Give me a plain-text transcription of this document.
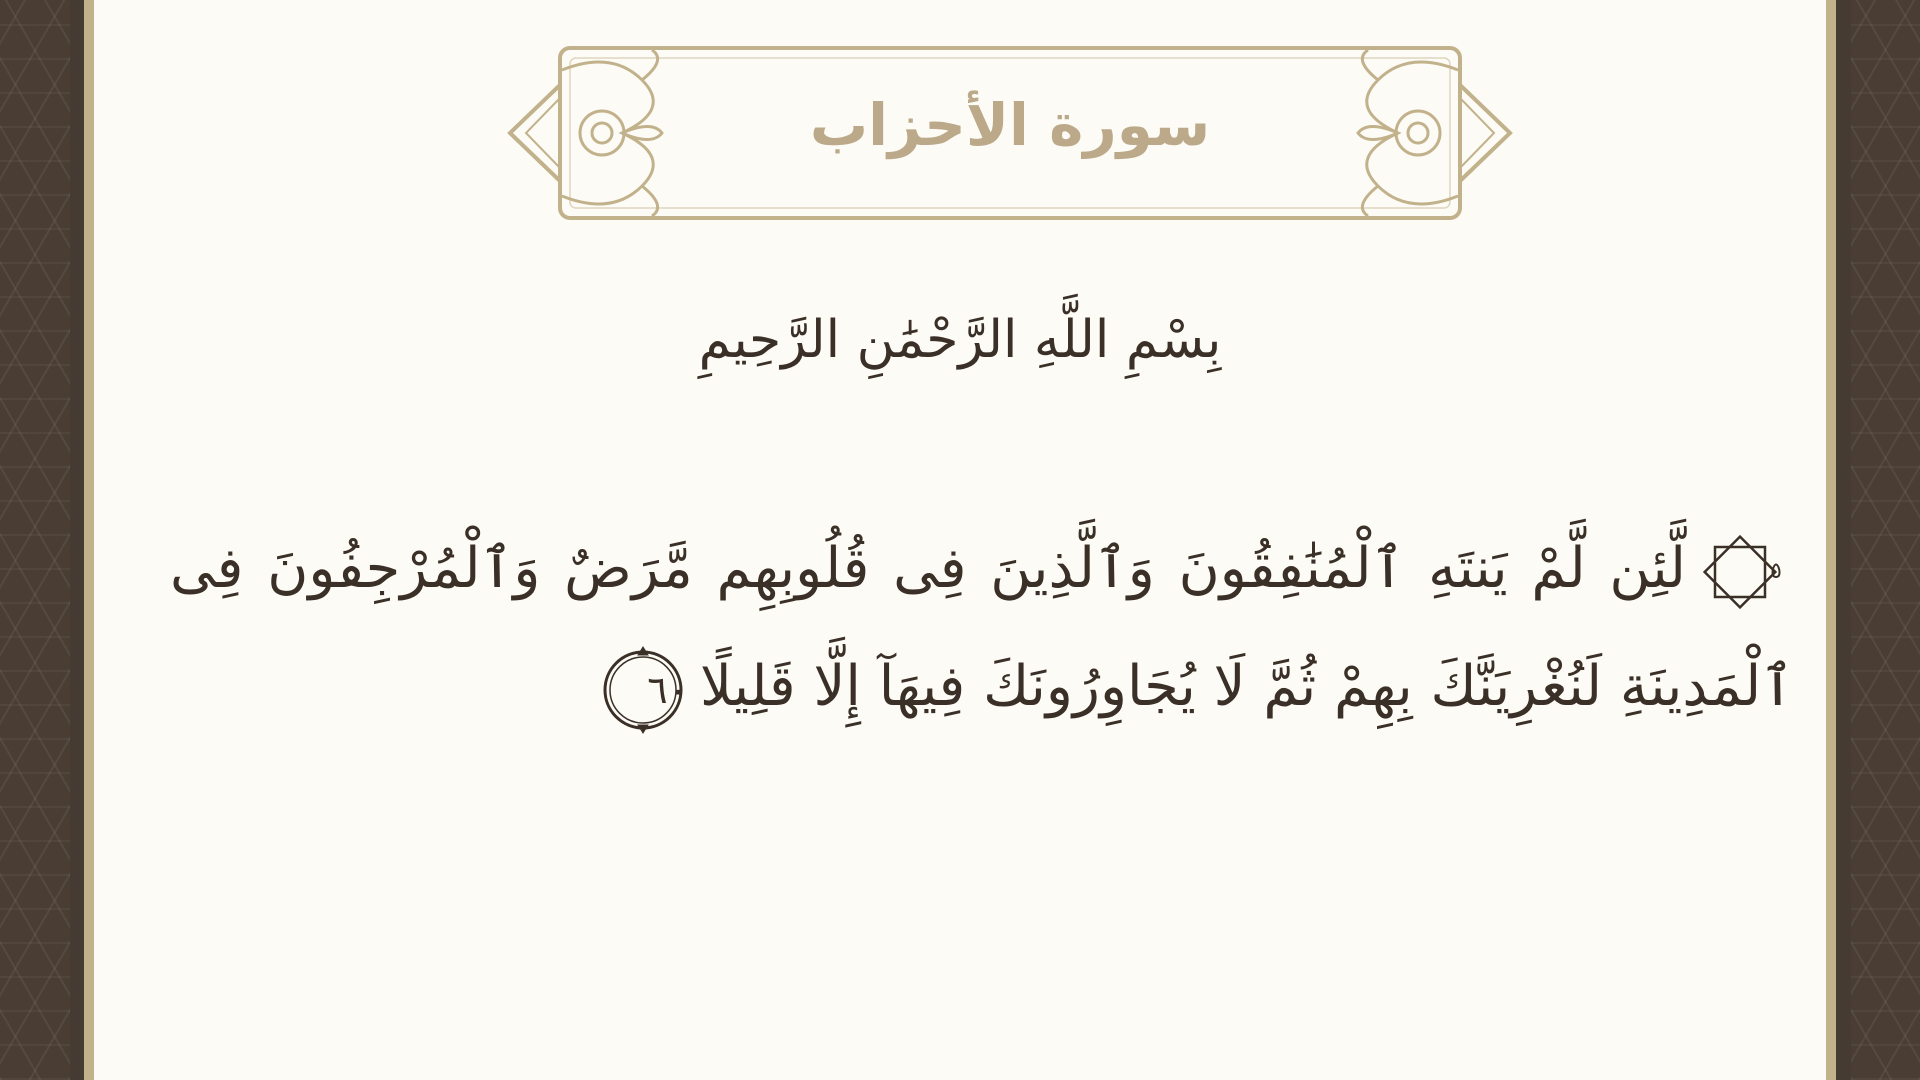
سورة الأحزاب
بِسْمِ اللَّهِ الرَّحْمَٰنِ الرَّحِيمِ
٥
لَّئِن لَّمْ يَنتَهِ ٱلْمُنَٰفِقُونَ وَٱلَّذِينَ فِى قُلُوبِهِم مَّرَضٌ وَٱلْمُرْجِفُونَ فِى ٱلْمَدِينَةِ لَنُغْرِيَنَّكَ بِهِمْ ثُمَّ لَا يُجَاوِرُونَكَ فِيهَآ إِلَّا قَلِيلًا
٦٠
